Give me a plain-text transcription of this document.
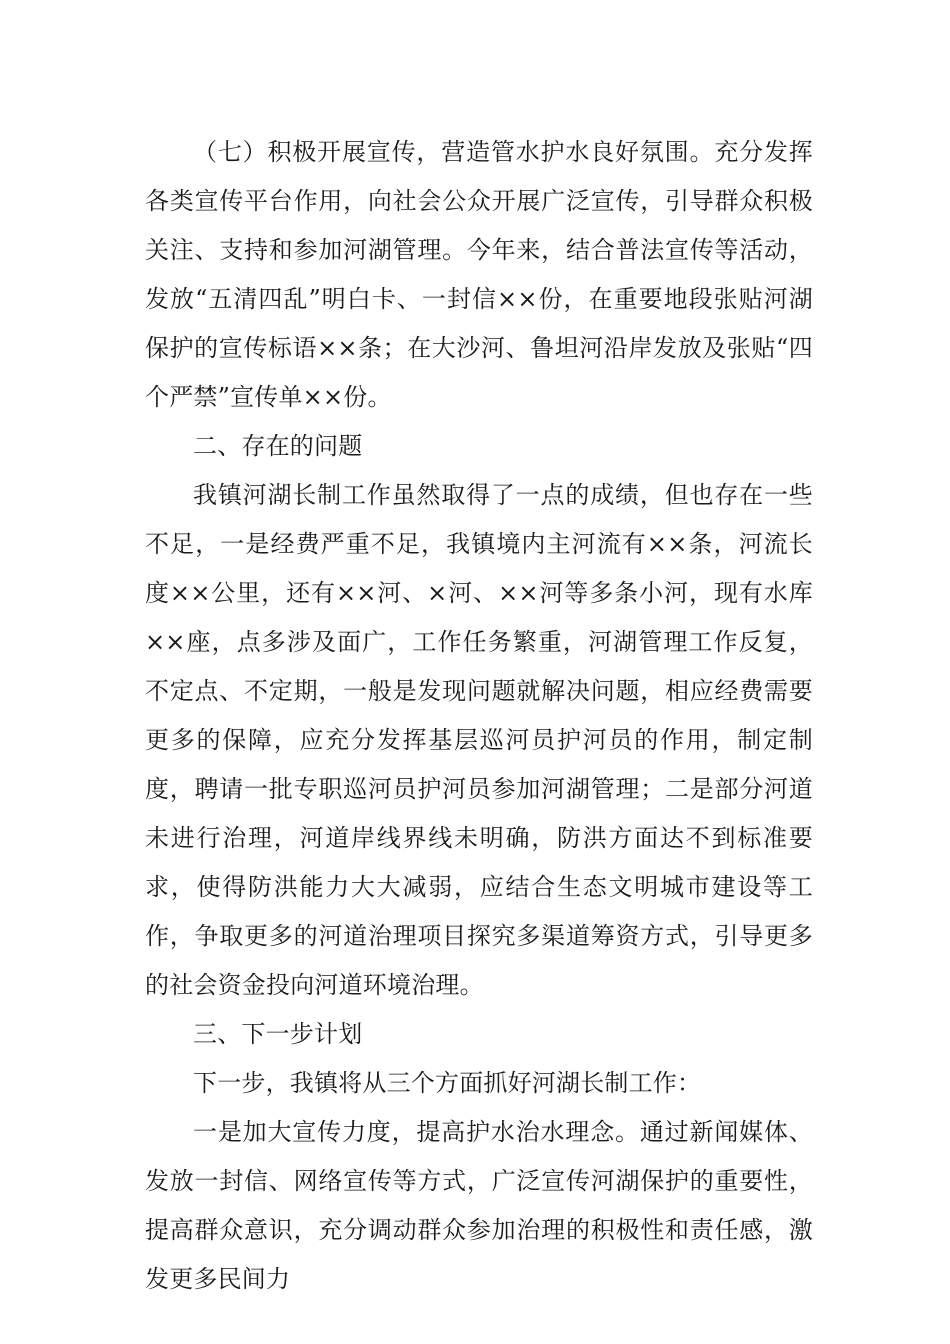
（七）积极开展宣传，营造管水护水良好氛围。充分发挥各类宣传平台作用，向社会公众开展广泛宣传，引导群众积极关注、支持和参加河湖管理。今年来，结合普法宣传等活动，发放“五清四乱”明白卡、一封信××份，在重要地段张贴河湖保护的宣传标语××条；在大沙河、鲁坦河沿岸发放及张贴“四个严禁”宣传单××份。

二、存在的问题

我镇河湖长制工作虽然取得了一点的成绩，但也存在一些不足，一是经费严重不足，我镇境内主河流有××条，河流长度××公里，还有××河、×河、××河等多条小河，现有水库××座，点多涉及面广，工作任务繁重，河湖管理工作反复，不定点、不定期，一般是发现问题就解决问题，相应经费需要更多的保障，应充分发挥基层巡河员护河员的作用，制定制度，聘请一批专职巡河员护河员参加河湖管理；二是部分河道未进行治理，河道岸线界线未明确，防洪方面达不到标准要求，使得防洪能力大大减弱，应结合生态文明城市建设等工作，争取更多的河道治理项目探究多渠道筹资方式，引导更多的社会资金投向河道环境治理。

三、下一步计划

下一步，我镇将从三个方面抓好河湖长制工作：

一是加大宣传力度，提高护水治水理念。通过新闻媒体、发放一封信、网络宣传等方式，广泛宣传河湖保护的重要性，提高群众意识，充分调动群众参加治理的积极性和责任感，激发更多民间力
